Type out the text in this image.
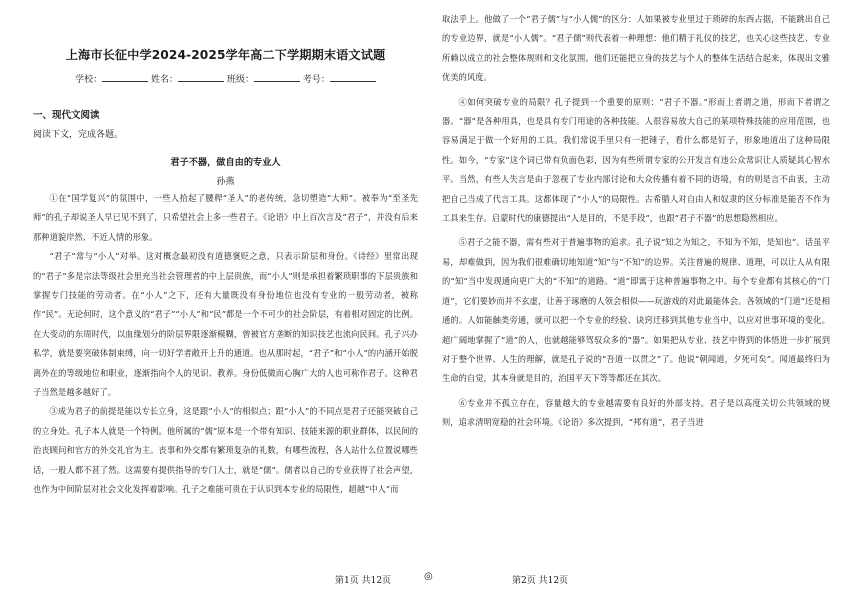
上海市长征中学2024-2025学年高二下学期期末语文试题
学校：	姓名：	班级：	考号：
一、现代文阅读
阅读下文，完成各题。
君子不器，做自由的专业人
孙燕

①在“国学复兴”的氛围中，一些人拾起了腰稈“圣人”的老传统，急切塑造“大师”。被奉为“至圣先师”的孔子却说圣人早已见不到了，只希望社会上多一些君子。《论语》中上百次言及“君子”，并没有后来那种道貌岸然、不近人情的形象。

“君子”常与“小人”对举。这对概念最初没有道德褒贬之意，只表示阶层和身份。《诗经》里常出现的“君子”多是宗法等级社会里充当社会管理者的中上层贵族，而“小人”则是承担着繁琐职事的下层贵族和掌握专门技能的劳动者。在“小人”之下，还有大量既没有身份地位也没有专业的一般劳动者，被称作“民”。无论何时，这个意义的“君子”“小人”和“民”都是一个不可少的社会阶层，有着相对固定的比例。在大变动的东周时代，以血缘划分的阶层界限逐渐模糊，曾被官方垄断的知识技艺也流向民间。孔子兴办私学，就是要突破体制束缚，向一切好学者敞开上升的通道。也从那时起，“君子”和“小人”的内涵开始脱离外在的等级地位和职业，逐渐指向个人的见识、教养。身份低微而心胸广大的人也可称作君子。这种君子当然是越多越好了。

③成为君子的前提是能以专长立身，这是跟“小人”的相似点；跟“小人”的不同点是君子还能突破自己的立身处。孔子本人就是一个特例。他所属的“儒”原本是一个带有知识、技能来源的职业群体，以民间的治丧顾问和官方的外交礼官为主。丧事和外交都有繁琐复杂的礼数，有哪些流程，各人站什么位置说哪些话，一般人都不甚了然。这需要有提供指导的专门人士，就是“儒”。儒者以自己的专业获得了社会声望，也作为中间阶层对社会文化发挥着影响。孔子之难能可贵在于认识到本专业的局限性，超越“中人”而

第1页 共12页	◎

取法乎上。他做了一个“君子儒”与“小人儒”的区分：人如果被专业里过于琐碎的东西占据，不能跳出自己的专业边界，就是“小人儒”。“君子儒”则代表着一种理想：他们精于礼仪的技艺，也关心这些技艺、专业所赖以成立的社会整体规则和文化氛围。他们还能把立身的技艺与个人的整体生活结合起来，体现出文雅优美的风度。

④如何突破专业的局限？孔子提到一个重要的原则：“君子不器。”形而上者谓之道，形而下者谓之器。“器”是各种用具，也是具有专门用途的各种技能。人很容易放大自己的某项特殊技能的应用范围，也容易满足于做一个好用的工具。我们常说手里只有一把锤子，看什么都是钉子，形象地道出了这种局限性。如今，“专家”这个词已带有负面色彩，因为有些所谓专家的公开发言有违公众常识让人质疑其心智水平。当然，有些人失言是由于忽视了专业内部讨论和大众传播有着不同的语境，有的则是言不由衷，主动把自己当成了代言工具。这都体现了“小人”的局限性。古希腊人对自由人和奴隶的区分标准是能否不作为工具来生存。启蒙时代的康德提出“人是目的，不是手段”，也跟“君子不器”的思想隐然相应。

⑤君子之能不器，需有些对于普遍事物的追求。孔子说“知之为知之，不知为不知，是知也”。话虽平易，却难做到，因为我们很难确切地知道“知”与“不知”的边界。关注普遍的规律、道理，可以让人从有限的“知”当中发现通向更广大的“不知”的道路。“道”即寓于这种普遍事物之中。每个专业都有其核心的“门道”，它们要妙而并不玄虚，让善于琢磨的人领会相似——玩游戏的对此最能体会。各领域的“门道”还是相通的。人如能触类旁通，就可以把一个专业的经验、诀窍迁移到其他专业当中，以应对世事环境的变化。超广阔地掌握了“道”的人，也就越能够驾驭众多的“器”。如果把从专业、技艺中得到的体悟进一步扩展到对于整个世界、人生的理解，就是孔子说的“吾道一以贯之”了。他说“朝闻道，夕死可矣”。闻道最终归为生命的自觉，其本身就是目的，治国平天下等等都还在其次。

⑥专业并不孤立存在，容量越大的专业越需要有良好的外部支持。君子是以高度关切公共领域的规则，追求清明宽稳的社会环境。《论语》多次提到，“邦有道”，君子当进

第2页 共12页
